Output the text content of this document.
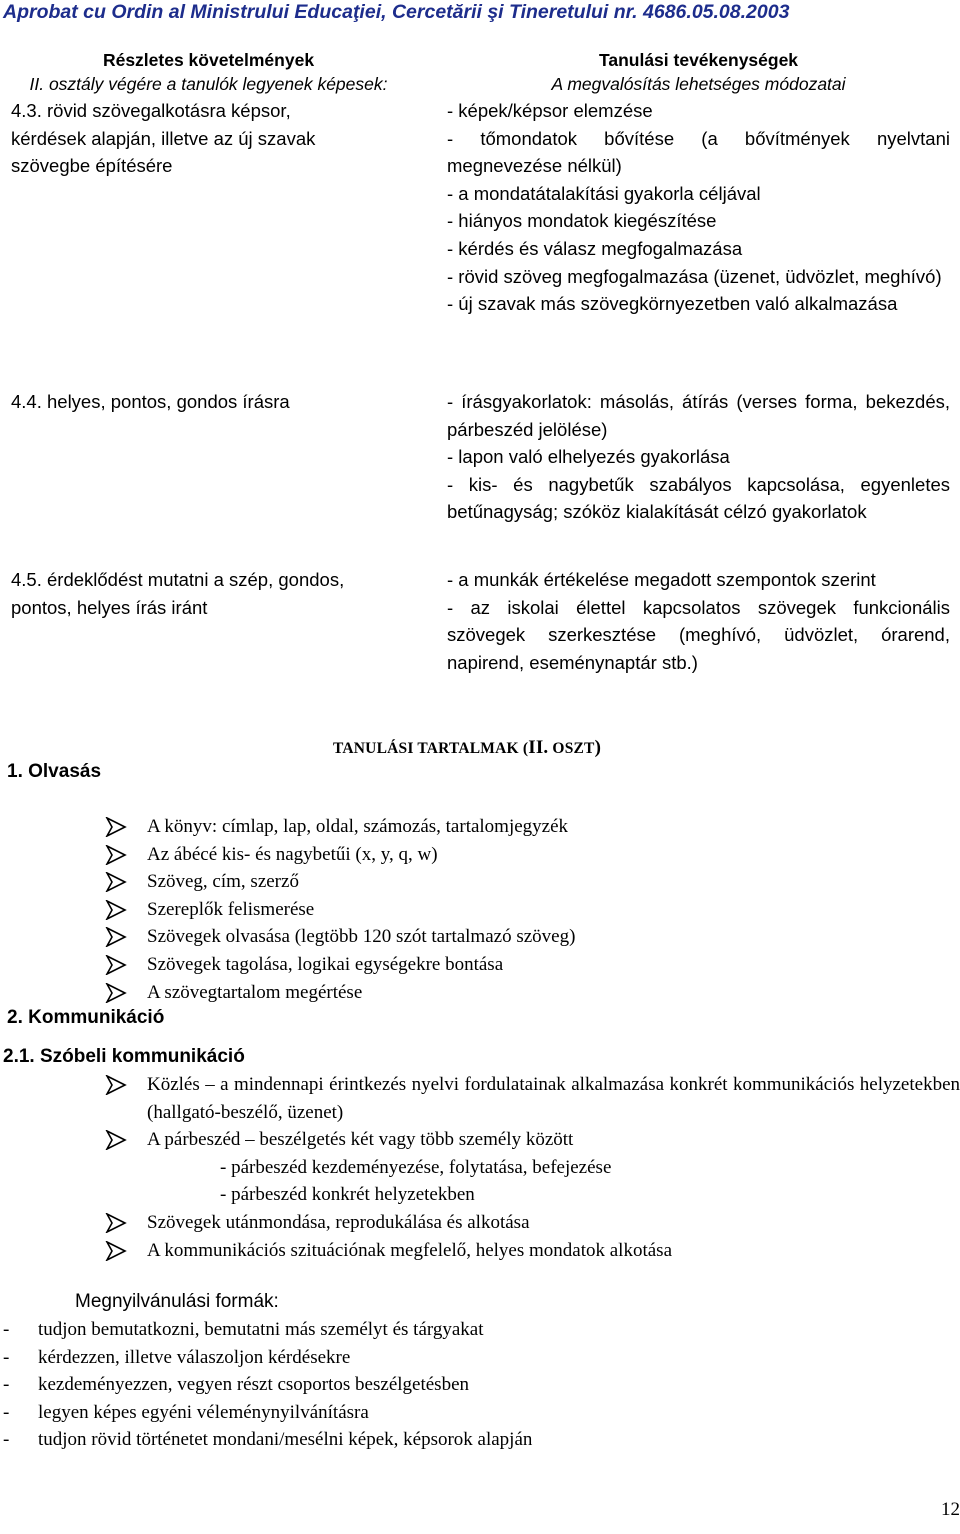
Aprobat cu Ordin al Ministrului Educaţiei, Cercetării şi Tineretului nr. 4686.05.08.2003
Részletes követelmények
II. osztály végére a tanulók legyenek képesek:
Tanulási tevékenységek
A megvalósítás lehetséges módozatai
4.3. rövid szövegalkotásra képsor,
kérdések alapján, illetve az új szavak
szövegbe építésére

- képek/képsor elemzése

- tőmondatok bővítése (a bővítmények nyelvtani megnevezése nélkül)

- a mondatátalakítási gyakorla céljával

- hiányos mondatok kiegészítése

- kérdés és válasz megfogalmazása

- rövid szöveg megfogalmazása (üzenet, üdvözlet, meghívó)

- új szavak más szövegkörnyezetben való alkalmazása

4.4. helyes, pontos, gondos írásra	- írásgyakorlatok: másolás, átírás (verses forma, bekezdés, párbeszéd jelölése)

- lapon való elhelyezés gyakorlása

- kis- és nagybetűk szabályos kapcsolása, egyenletes betűnagyság; szóköz kialakítását célzó gyakorlatok

4.5. érdeklődést mutatni a szép, gondos,
pontos, helyes írás iránt

- a munkák értékelése megadott szempontok szerint

- az iskolai élettel kapcsolatos szövegek funkcionális szövegek szerkesztése (meghívó, üdvözlet, órarend, napirend, eseménynaptár stb.)

TANULÁSI TARTALMAK (II. OSZT)
1. Olvasás
A könyv: címlap, lap, oldal, számozás, tartalomjegyzék
Az ábécé kis- és nagybetűi (x, y, q, w)
Szöveg, cím, szerző
Szereplők felismerése
Szövegek olvasása (legtöbb 120 szót tartalmazó szöveg)
Szövegek tagolása, logikai egységekre bontása
A szövegtartalom megértése
2. Kommunikáció
2.1. Szóbeli kommunikáció
Közlés – a mindennapi érintkezés nyelvi fordulatainak alkalmazása konkrét kommunikációs helyzetekben (hallgató-beszélő, üzenet)
A párbeszéd – beszélgetés két vagy több személy között
- párbeszéd kezdeményezése, folytatása, befejezése
- párbeszéd konkrét helyzetekben
Szövegek utánmondása, reprodukálása és alkotása
A kommunikációs szituációnak megfelelő, helyes mondatok alkotása
Megnyilvánulási formák:
- tudjon bemutatkozni, bemutatni más személyt és tárgyakat
- kérdezzen, illetve válaszoljon kérdésekre
- kezdeményezzen, vegyen részt csoportos beszélgetésben
- legyen képes egyéni véleménynyilvánításra
- tudjon rövid történetet mondani/mesélni képek, képsorok alapján
12
